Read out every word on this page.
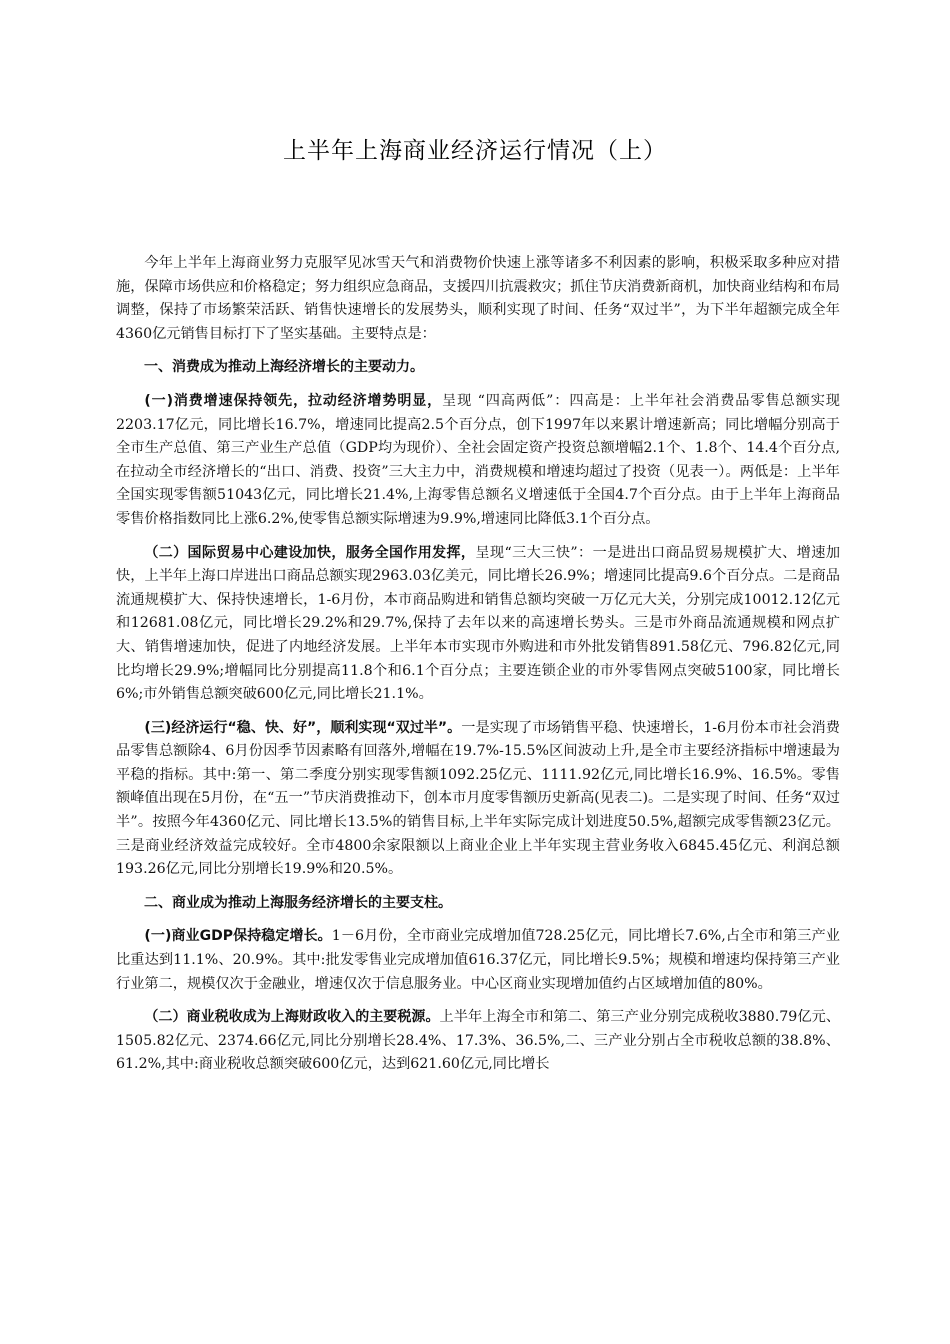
上半年上海商业经济运行情况（上）

今年上半年上海商业努力克服罕见冰雪天气和消费物价快速上涨等诸多不利因素的影响，积极采取多种应对措施，保障市场供应和价格稳定；努力组织应急商品，支援四川抗震救灾；抓住节庆消费新商机，加快商业结构和布局调整，保持了市场繁荣活跃、销售快速增长的发展势头，顺利实现了时间、任务“双过半”，为下半年超额完成全年4360亿元销售目标打下了坚实基础。主要特点是：

一、消费成为推动上海经济增长的主要动力。

(一)消费增速保持领先，拉动经济增势明显，呈现 “四高两低”：四高是：上半年社会消费品零售总额实现2203.17亿元，同比增长16.7%，增速同比提高2.5个百分点，创下1997年以来累计增速新高；同比增幅分别高于全市生产总值、第三产业生产总值（GDP均为现价）、全社会固定资产投资总额增幅2.1个、1.8个、14.4个百分点, 在拉动全市经济增长的“出口、消费、投资”三大主力中，消费规模和增速均超过了投资（见表一）。两低是：上半年全国实现零售额51043亿元，同比增长21.4%,上海零售总额名义增速低于全国4.7个百分点。由于上半年上海商品零售价格指数同比上涨6.2%,使零售总额实际增速为9.9%,增速同比降低3.1个百分点。

（二）国际贸易中心建设加快，服务全国作用发挥，呈现“三大三快”：一是进出口商品贸易规模扩大、增速加快，上半年上海口岸进出口商品总额实现2963.03亿美元，同比增长26.9%；增速同比提高9.6个百分点。二是商品流通规模扩大、保持快速增长，1-6月份，本市商品购进和销售总额均突破一万亿元大关，分别完成10012.12亿元和12681.08亿元，同比增长29.2%和29.7%,保持了去年以来的高速增长势头。三是市外商品流通规模和网点扩大、销售增速加快，促进了内地经济发展。上半年本市实现市外购进和市外批发销售891.58亿元、796.82亿元,同比均增长29.9%;增幅同比分别提高11.8个和6.1个百分点；主要连锁企业的市外零售网点突破5100家，同比增长6%;市外销售总额突破600亿元,同比增长21.1%。

(三)经济运行“稳、快、好”，顺利实现“双过半”。一是实现了市场销售平稳、快速增长，1-6月份本市社会消费品零售总额除4、6月份因季节因素略有回落外,增幅在19.7%-15.5%区间波动上升,是全市主要经济指标中增速最为平稳的指标。其中:第一、第二季度分别实现零售额1092.25亿元、1111.92亿元,同比增长16.9%、16.5%。零售额峰值出现在5月份，在“五一”节庆消费推动下，创本市月度零售额历史新高(见表二)。二是实现了时间、任务“双过半”。按照今年4360亿元、同比增长13.5%的销售目标,上半年实际完成计划进度50.5%,超额完成零售额23亿元。三是商业经济效益完成较好。全市4800余家限额以上商业企业上半年实现主营业务收入6845.45亿元、利润总额193.26亿元,同比分别增长19.9%和20.5%。

二、商业成为推动上海服务经济增长的主要支柱。

(一)商业GDP保持稳定增长。1－6月份，全市商业完成增加值728.25亿元，同比增长7.6%,占全市和第三产业比重达到11.1%、20.9%。其中:批发零售业完成增加值616.37亿元，同比增长9.5%；规模和增速均保持第三产业行业第二，规模仅次于金融业，增速仅次于信息服务业。中心区商业实现增加值约占区域增加值的80%。

（二）商业税收成为上海财政收入的主要税源。上半年上海全市和第二、第三产业分别完成税收3880.79亿元、1505.82亿元、2374.66亿元,同比分别增长28.4%、17.3%、36.5%,二、三产业分别占全市税收总额的38.8%、61.2%,其中:商业税收总额突破600亿元，达到621.60亿元,同比增长
